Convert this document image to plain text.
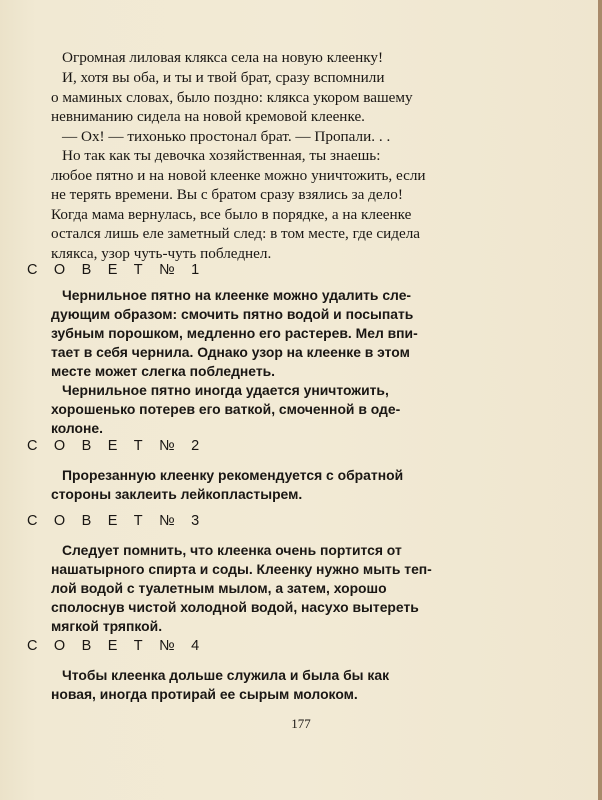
Огромная лиловая клякса села на новую клеенку!
И, хотя вы оба, и ты и твой брат, сразу вспомнили
о маминых словах, было поздно: клякса укором вашему
невниманию сидела на новой кремовой клеенке.
— Ох! — тихонько простонал брат. — Пропали. . .
Но так как ты девочка хозяйственная, ты знаешь:
любое пятно и на новой клеенке можно уничтожить, если
не терять времени. Вы с братом сразу взялись за дело!
Когда мама вернулась, все было в порядке, а на клеенке
остался лишь еле заметный след: в том месте, где сидела
клякса, узор чуть-чуть побледнел.
С О В Е Т № 1
Чернильное пятно на клеенке можно удалить сле-
дующим образом: смочить пятно водой и посыпать
зубным порошком, медленно его растерев. Мел впи-
тает в себя чернила. Однако узор на клеенке в этом
месте может слегка побледнеть.
Чернильное пятно иногда удается уничтожить,
хорошенько потерев его ваткой, смоченной в оде-
колоне.
С О В Е Т № 2
Прорезанную клеенку рекомендуется с обратной
стороны заклеить лейкопластырем.
С О В Е Т № 3
Следует помнить, что клеенка очень портится от
нашатырного спирта и соды. Клеенку нужно мыть теп-
лой водой с туалетным мылом, а затем, хорошо
сполоснув чистой холодной водой, насухо вытереть
мягкой тряпкой.
С О В Е Т № 4
Чтобы клеенка дольше служила и была бы как
новая, иногда протирай ее сырым молоком.
177
